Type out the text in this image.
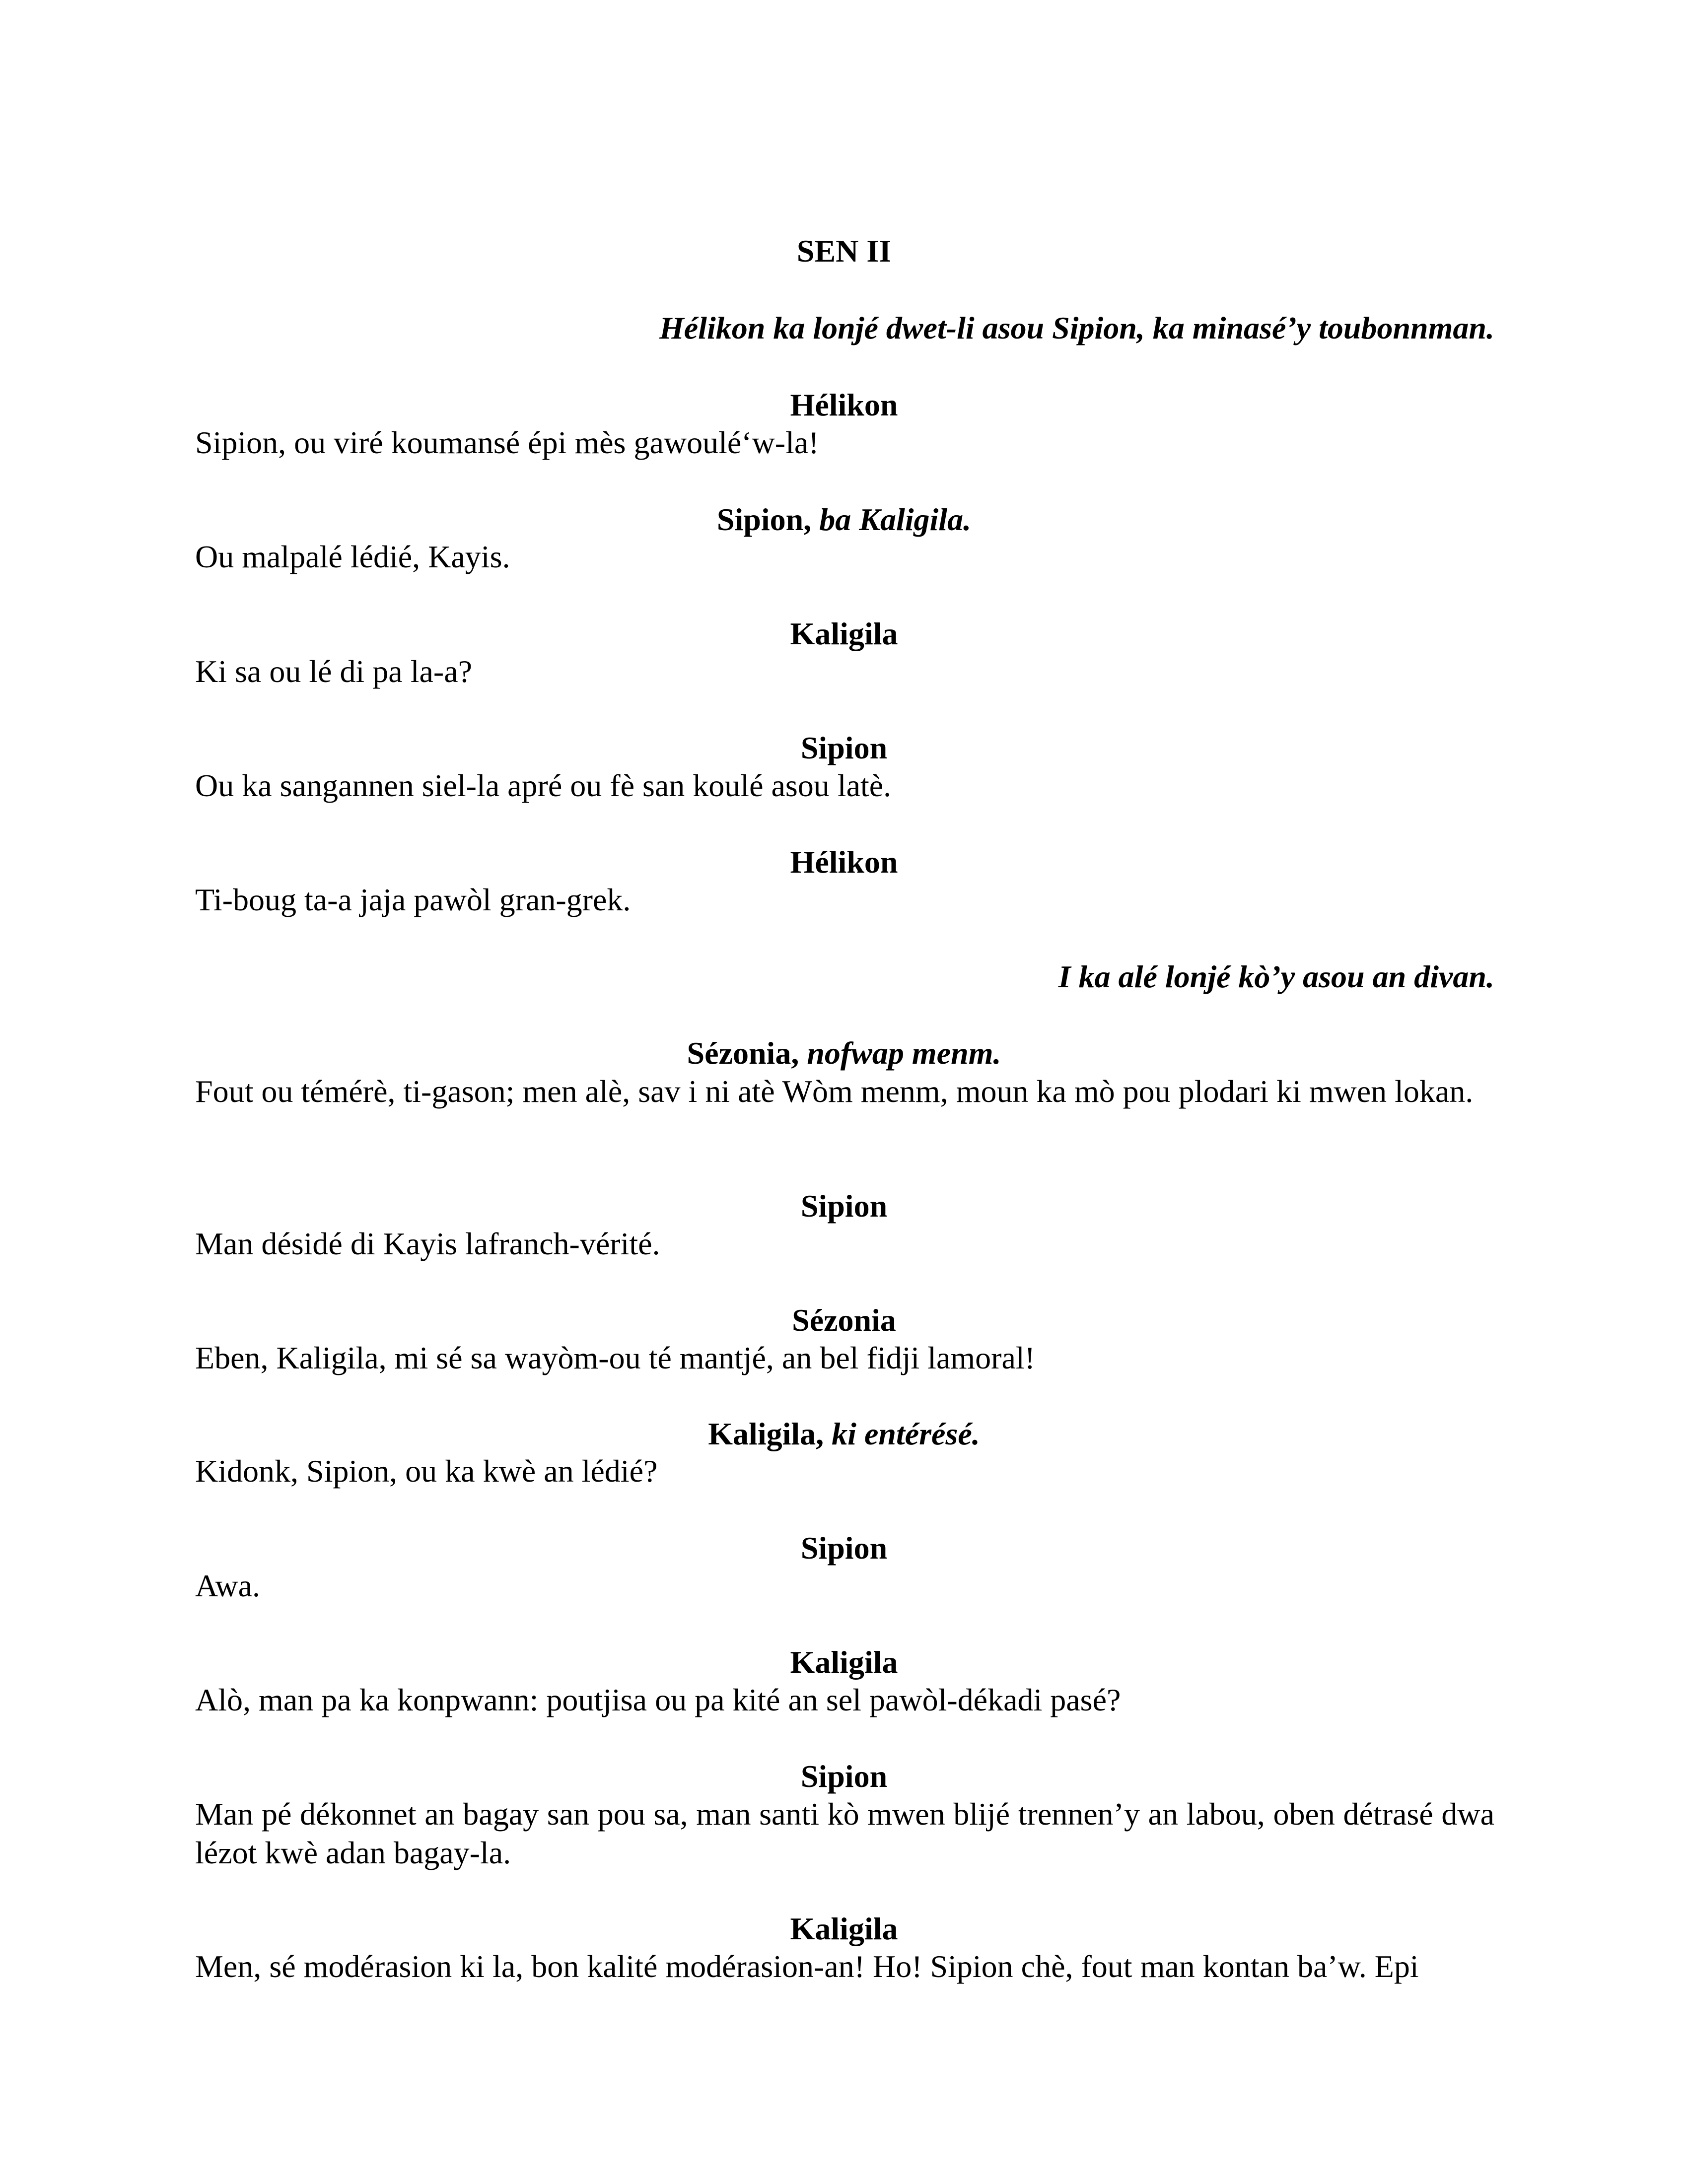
SEN II
Hélikon ka lonjé dwet-li asou Sipion, ka minasé’y toubonnman.
Hélikon
Sipion, ou viré koumansé épi mès gawoulé‘w-la!
Sipion, ba Kaligila.
Ou malpalé lédié, Kayis.
Kaligila
Ki sa ou lé di pa la-a?
Sipion
Ou ka sangannen siel-la apré ou fè san koulé asou latè.
Hélikon
Ti-boug ta-a jaja pawòl gran-grek.
I ka alé lonjé kò’y asou an divan.
Sézonia, nofwap menm.
Fout ou témérè, ti-gason; men alè, sav i ni atè Wòm menm, moun ka mò pou plodari ki mwen lokan.
Sipion
Man désidé di Kayis lafranch-vérité.
Sézonia
Eben, Kaligila, mi sé sa wayòm-ou té mantjé, an bel fidji lamoral!
Kaligila, ki entérésé.
Kidonk, Sipion, ou ka kwè an lédié?
Sipion
Awa.
Kaligila
Alò, man pa ka konpwann: poutjisa ou pa kité an sel pawòl-dékadi pasé?
Sipion
Man pé dékonnet an bagay san pou sa, man santi kò mwen blijé trennen’y an labou, oben détrasé dwa lézot kwè adan bagay-la.
Kaligila
Men, sé modérasion ki la, bon kalité modérasion-an! Ho! Sipion chè, fout man kontan ba’w. Epi
